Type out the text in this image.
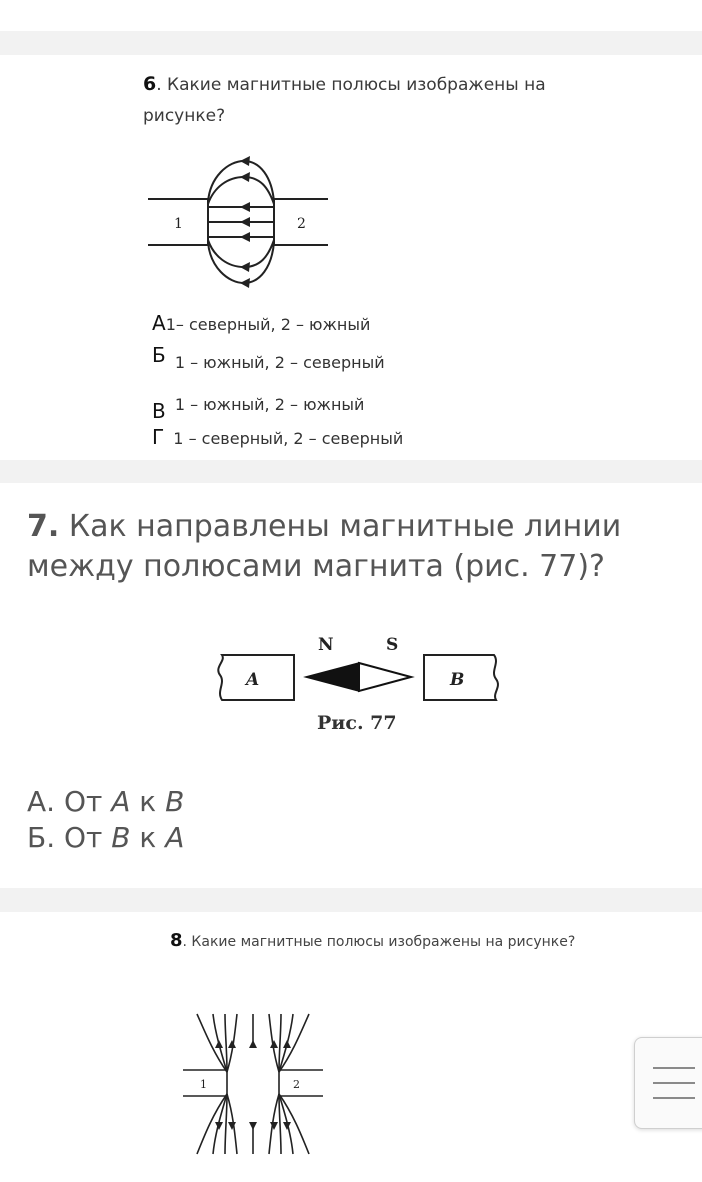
6. Какие магнитные полюсы изображены на рисунке?
1	2
А1– северный, 2 – южный
Б 1 – южный, 2 – северный
В 1 – южный, 2 – южный
Г 1 – северный, 2 – северный
7. Как направлены магнитные линии между полюсами магнита (рис. 77)?
A	B
N	S
Рис. 77
А. От A к B
Б. От B к A
8. Какие магнитные полюсы изображены на рисунке?
1	2
